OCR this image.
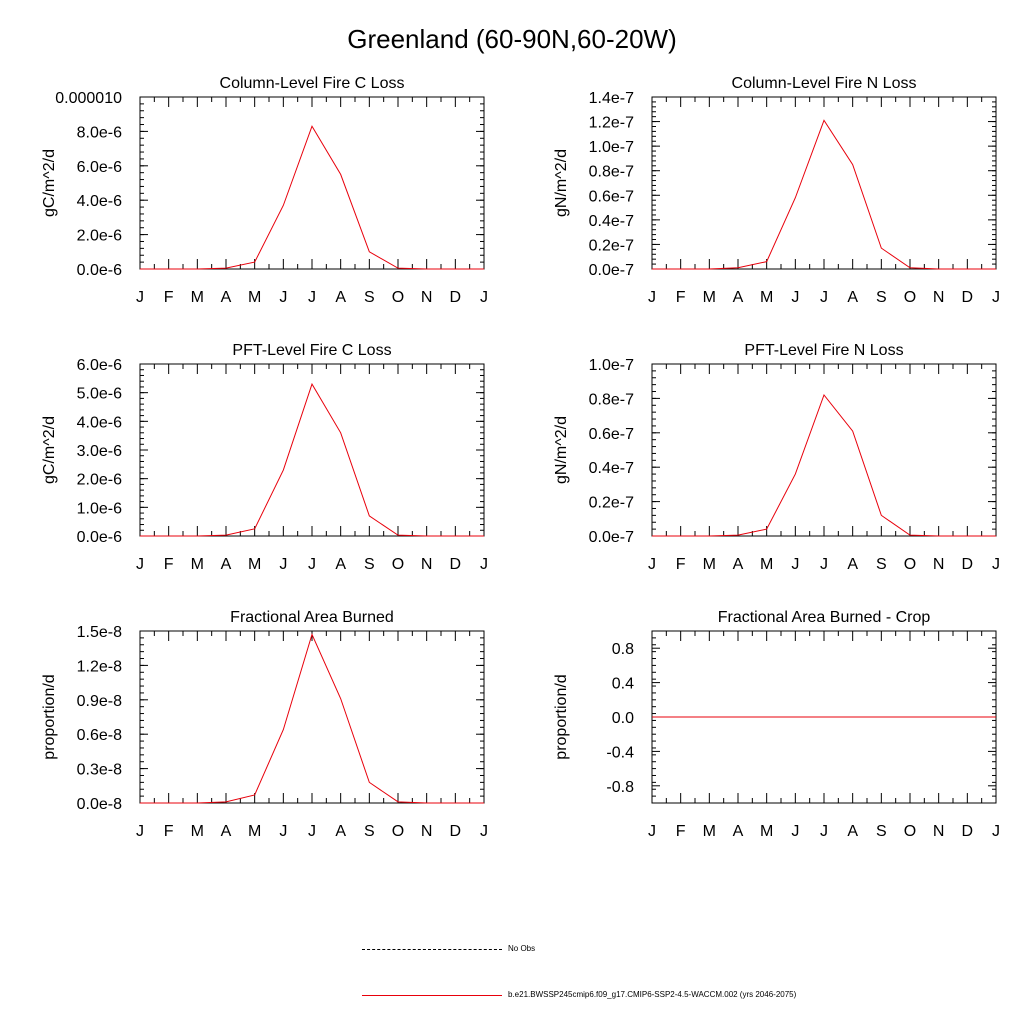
Greenland (60-90N,60-20W)
Column-Level Fire C Loss
gC/m^2/d
J F M A M J J A S O N D J
0.0e-6
2.0e-6
4.0e-6
6.0e-6
8.0e-6
0.000010
Column-Level Fire N Loss
gN/m^2/d
J F M A M J J A S O N D J
0.0e-7
0.2e-7
0.4e-7
0.6e-7
0.8e-7
1.0e-7
1.2e-7
1.4e-7
PFT-Level Fire C Loss
gC/m^2/d
J F M A M J J A S O N D J
0.0e-6
1.0e-6
2.0e-6
3.0e-6
4.0e-6
5.0e-6
6.0e-6
PFT-Level Fire N Loss
gN/m^2/d
J F M A M J J A S O N D J
0.0e-7
0.2e-7
0.4e-7
0.6e-7
0.8e-7
1.0e-7
Fractional Area Burned
proportion/d
J F M A M J J A S O N D J
0.0e-8
0.3e-8
0.6e-8
0.9e-8
1.2e-8
1.5e-8
Fractional Area Burned - Crop
proportion/d
J F M A M J J A S O N D J
-0.8
-0.4
0.0
0.4
0.8
No Obs
b.e21.BWSSP245cmip6.f09_g17.CMIP6-SSP2-4.5-WACCM.002 (yrs 2046-2075)
